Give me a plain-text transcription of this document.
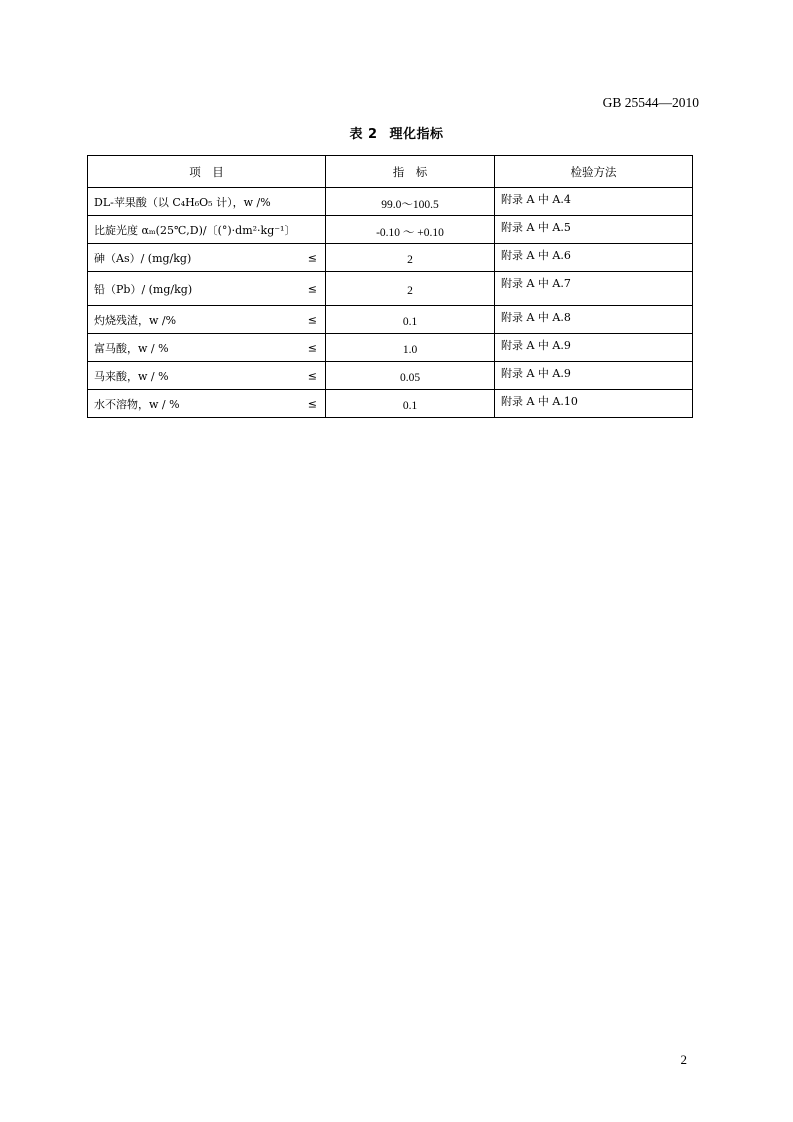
GB 25544—2010
表 2 理化指标
项　目	指　标	检验方法
DL-苹果酸（以 C₄H₆O₅ 计），w /%	99.0～100.5	附录 A 中 A.4
比旋光度 αₘ(25℃,D)/〔(°)·dm²·kg⁻¹〕	-0.10 ～ +0.10	附录 A 中 A.5
砷（As）/ (mg/kg) ≤	2	附录 A 中 A.6
铅（Pb）/ (mg/kg) ≤	2	附录 A 中 A.7
灼烧残渣，w /% ≤	0.1	附录 A 中 A.8
富马酸，w / % ≤	1.0	附录 A 中 A.9
马来酸，w / % ≤	0.05	附录 A 中 A.9
水不溶物，w / % ≤	0.1	附录 A 中 A.10
2
